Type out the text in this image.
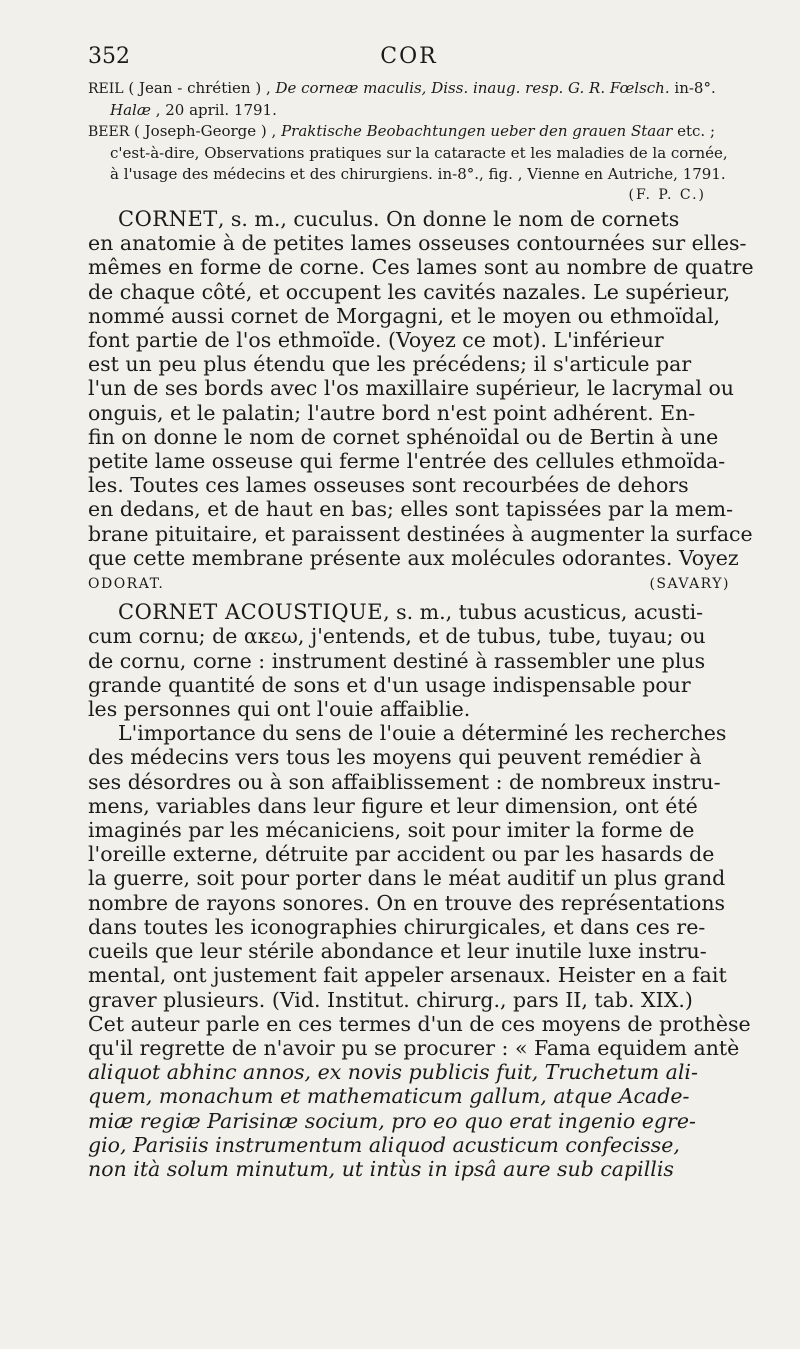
352	COR

REIL ( Jean - chrétien ) , De corneæ maculis, Diss. inaug. resp. G. R. Fœlsch. in-8°. Halæ , 20 april. 1791.

BEER ( Joseph-George ) , Praktische Beobachtungen ueber den grauen Staar etc. ; c'est-à-dire, Observations pratiques sur la cataracte et les maladies de la cornée, à l'usage des médecins et des chirurgiens. in-8°., fig. , Vienne en Autriche, 1791.

(F. P. C.)
CORNET, s. m., cuculus. On donne le nom de cornets
en anatomie à de petites lames osseuses contournées sur elles-
mêmes en forme de corne. Ces lames sont au nombre de quatre
de chaque côté, et occupent les cavités nazales. Le supérieur,
nommé aussi cornet de Morgagni, et le moyen ou ethmoïdal,
font partie de l'os ethmoïde. (Voyez ce mot). L'inférieur
est un peu plus étendu que les précédens; il s'articule par
l'un de ses bords avec l'os maxillaire supérieur, le lacrymal ou
onguis, et le palatin; l'autre bord n'est point adhérent. En-
fin on donne le nom de cornet sphénoïdal ou de Bertin à une
petite lame osseuse qui ferme l'entrée des cellules ethmoïda-
les. Toutes ces lames osseuses sont recourbées de dehors
en dedans, et de haut en bas; elles sont tapissées par la mem-
brane pituitaire, et paraissent destinées à augmenter la surface
que cette membrane présente aux molécules odorantes. Voyez
ODORAT.	(SAVARY)
CORNET ACOUSTIQUE, s. m., tubus acusticus, acusti-
cum cornu; de ακεω, j'entends, et de tubus, tube, tuyau; ou
de cornu, corne : instrument destiné à rassembler une plus
grande quantité de sons et d'un usage indispensable pour
les personnes qui ont l'ouie affaiblie.
L'importance du sens de l'ouie a déterminé les recherches
des médecins vers tous les moyens qui peuvent remédier à
ses désordres ou à son affaiblissement : de nombreux instru-
mens, variables dans leur figure et leur dimension, ont été
imaginés par les mécaniciens, soit pour imiter la forme de
l'oreille externe, détruite par accident ou par les hasards de
la guerre, soit pour porter dans le méat auditif un plus grand
nombre de rayons sonores. On en trouve des représentations
dans toutes les iconographies chirurgicales, et dans ces re-
cueils que leur stérile abondance et leur inutile luxe instru-
mental, ont justement fait appeler arsenaux. Heister en a fait
graver plusieurs. (Vid. Institut. chirurg., pars II, tab. XIX.)
Cet auteur parle en ces termes d'un de ces moyens de prothèse
qu'il regrette de n'avoir pu se procurer : « Fama equidem antè
aliquot abhinc annos, ex novis publicis fuit, Truchetum ali-
quem, monachum et mathematicum gallum, atque Acade-
miæ regiæ Parisinæ socium, pro eo quo erat ingenio egre-
gio, Parisiis instrumentum aliquod acusticum confecisse,
non ità solum minutum, ut intùs in ipsâ aure sub capillis
